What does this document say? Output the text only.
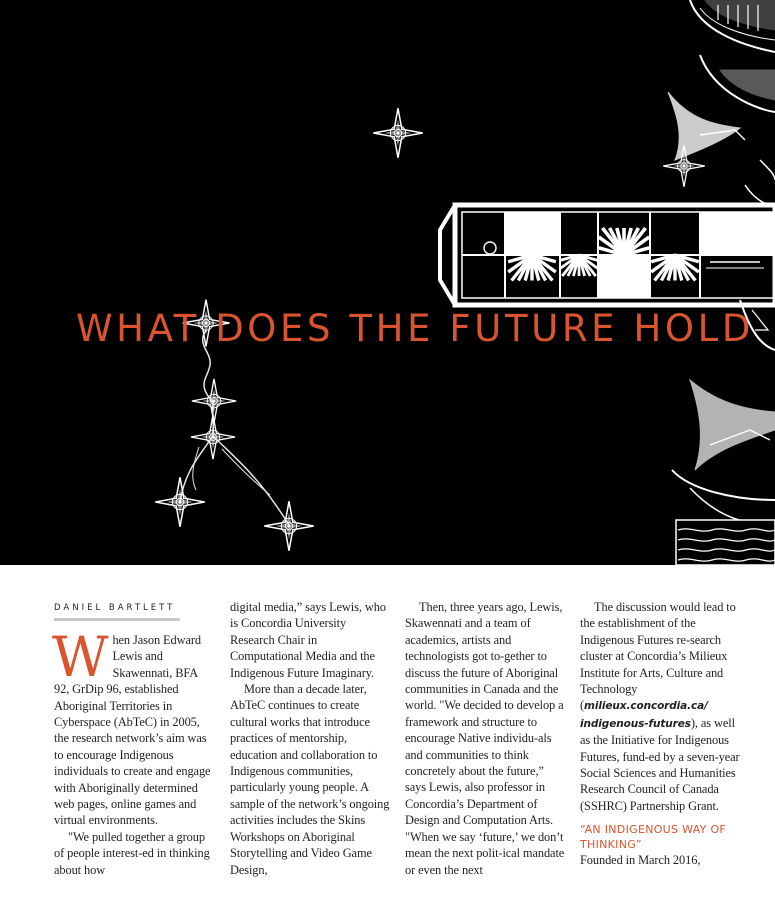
WHAT DOES THE FUTURE HOLD
DANIEL BARTLETT
W hen Jason Edward Lewis and Skawennati, BFA 92, GrDip 96, established Aboriginal Territories in Cyberspace (AbTeC) in 2005, the research network’s aim was to encourage Indigenous individuals to create and engage with Aboriginally determined web pages, online games and virtual environments.

"We pulled together a group of people interest-ed in thinking about how

digital media,” says Lewis, who is Concordia University Research Chair in Computational Media and the Indigenous Future Imaginary.

More than a decade later, AbTeC continues to create cultural works that introduce practices of mentorship, education and collaboration to Indigenous communities, particularly young people. A sample of the network’s ongoing activities includes the Skins Workshops on Aboriginal Storytelling and Video Game Design,

Then, three years ago, Lewis, Skawennati and a team of academics, artists and technologists got to-gether to discuss the future of Aboriginal communities in Canada and the world. "We decided to develop a framework and structure to encourage Native individu-als and communities to think concretely about the future,” says Lewis, also professor in Concordia’s Department of Design and Computation Arts. "When we say ‘future,’ we don’t mean the next polit-ical mandate or even the next

The discussion would lead to the establishment of the Indigenous Futures re-search cluster at Concordia’s Milieux Institute for Arts, Culture and Technology (milieux.concordia.ca/ indigenous-futures), as well as the Initiative for Indigenous Futures, fund-ed by a seven-year Social Sciences and Humanities Research Council of Canada (SSHRC) Partnership Grant.

“AN INDIGENOUS WAY OF THINKING”

Founded in March 2016,
